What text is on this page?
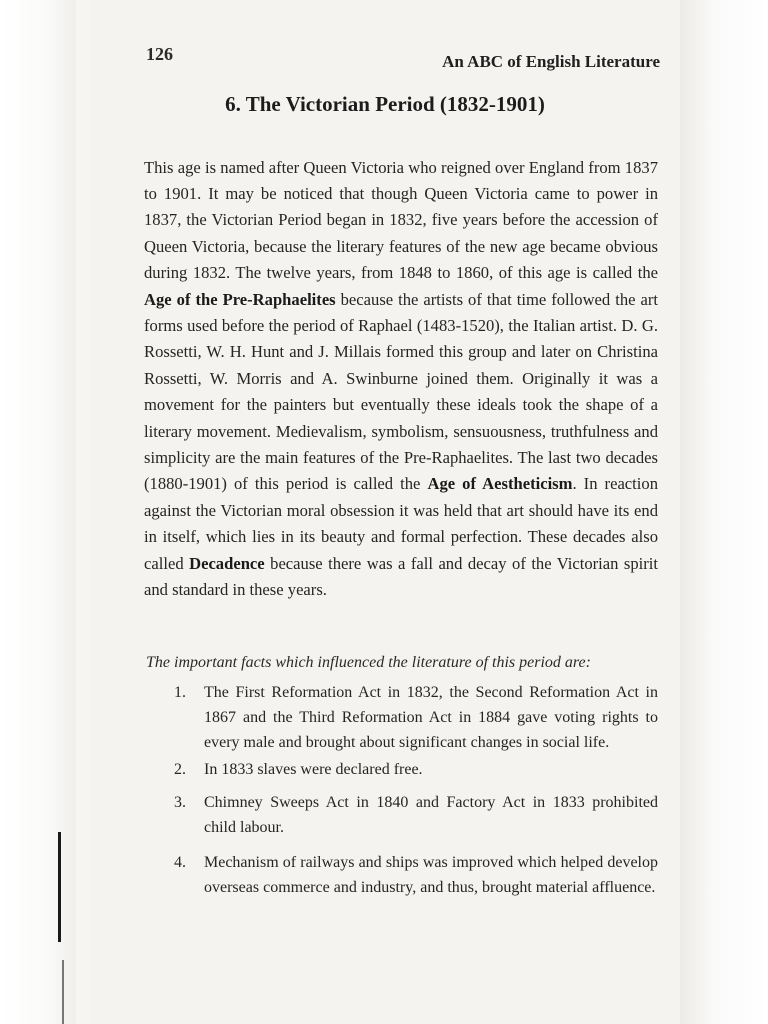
126	An ABC of English Literature
6. The Victorian Period (1832-1901)

This age is named after Queen Victoria who reigned over England from 1837 to 1901. It may be noticed that though Queen Victoria came to power in 1837, the Victorian Period began in 1832, five years before the accession of Queen Victoria, because the literary features of the new age became obvious during 1832. The twelve years, from 1848 to 1860, of this age is called the Age of the Pre-Raphaelites because the artists of that time followed the art forms used before the period of Raphael (1483-1520), the Italian artist. D. G. Rossetti, W. H. Hunt and J. Millais formed this group and later on Christina Rossetti, W. Morris and A. Swinburne joined them. Originally it was a movement for the painters but eventually these ideals took the shape of a literary movement. Medievalism, symbolism, sensuousness, truthfulness and simplicity are the main features of the Pre-Raphaelites. The last two decades (1880-1901) of this period is called the Age of Aestheticism. In reaction against the Victorian moral obsession it was held that art should have its end in itself, which lies in its beauty and formal perfection. These decades also called Decadence because there was a fall and decay of the Victorian spirit and standard in these years.

The important facts which influenced the literature of this period are:
1. The First Reformation Act in 1832, the Second Reformation Act in 1867 and the Third Reformation Act in 1884 gave voting rights to every male and brought about significant changes in social life.
2. In 1833 slaves were declared free.
3. Chimney Sweeps Act in 1840 and Factory Act in 1833 prohibited child labour.
4. Mechanism of railways and ships was improved which helped develop overseas commerce and industry, and thus, brought material affluence.
